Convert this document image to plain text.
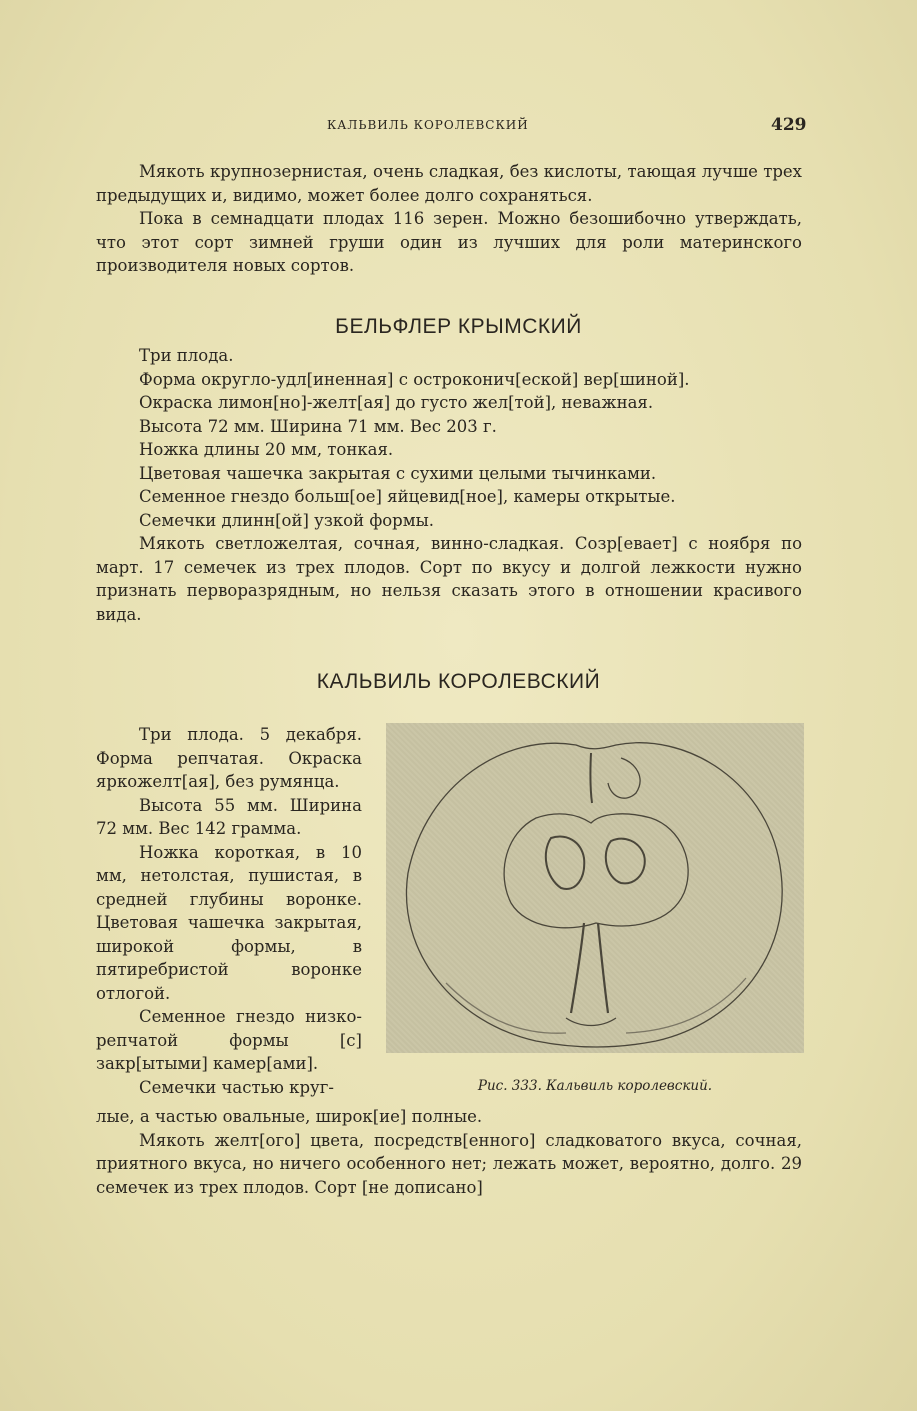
КАЛЬВИЛЬ КОРОЛЕВСКИЙ	429

Мякоть крупнозернистая, очень сладкая, без кислоты, тающая лучше трех предыдущих и, видимо, может более долго сохраняться.

Пока в семнадцати плодах 116 зерен. Можно безошибочно утверждать, что этот сорт зимней груши один из лучших для роли материнского производителя новых сортов.

БЕЛЬФЛЕР КРЫМСКИЙ

Три плода.

Форма округло-удл[иненная] с остроконич[еской] вер[шиной].

Окраска лимон[но]-желт[ая] до густо жел[той], неважная.

Высота 72 мм. Ширина 71 мм. Вес 203 г.

Ножка длины 20 мм, тонкая.

Цветовая чашечка закрытая с сухими целыми тычинками.

Семенное гнездо больш[ое] яйцевид[ное], камеры открытые.

Семечки длинн[ой] узкой формы.

Мякоть светложелтая, сочная, винно-сладкая. Созр[евает] с ноября по март. 17 семечек из трех плодов. Сорт по вкусу и долгой лежкости нужно признать перворазрядным, но нельзя сказать этого в отношении красивого вида.

КАЛЬВИЛЬ КОРОЛЕВСКИЙ

Три плода. 5 декабря. Форма репчатая. Окраска яркожелт[ая], без румянца.

Высота 55 мм. Ширина 72 мм. Вес 142 грамма.

Ножка короткая, в 10 мм, нетолстая, пушистая, в средней глубины воронке. Цветовая чашечка закрытая, широкой формы, в пятиребристой воронке отлогой.

Семенное гнездо низко-репчатой формы [с] закр[ытыми] камер[ами].

Семечки частью круг-	Рис. 333. Кальвиль королевский.

лые, а частью овальные, широк[ие] полные.

Мякоть желт[ого] цвета, посредств[енного] сладковатого вкуса, сочная, приятного вкуса, но ничего особенного нет; лежать может, вероятно, долго. 29 семечек из трех плодов. Сорт [не дописано]
